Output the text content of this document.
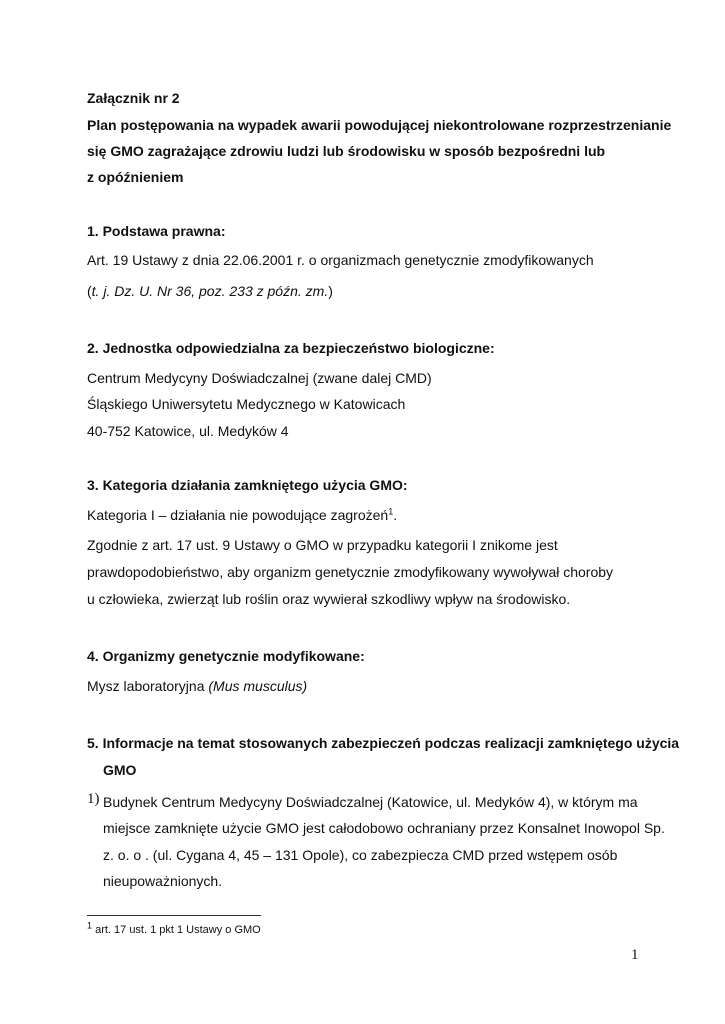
Załącznik nr 2
Plan postępowania na wypadek awarii powodującej niekontrolowane rozprzestrzenianie
się GMO zagrażające zdrowiu ludzi lub środowisku w sposób bezpośredni lub
z opóźnieniem
1. Podstawa prawna:
Art. 19 Ustawy z dnia 22.06.2001 r. o organizmach genetycznie zmodyfikowanych
(t. j. Dz. U. Nr 36, poz. 233 z późn. zm.)
2. Jednostka odpowiedzialna za bezpieczeństwo biologiczne:
Centrum Medycyny Doświadczalnej (zwane dalej CMD)
Śląskiego Uniwersytetu Medycznego w Katowicach
40-752 Katowice, ul. Medyków 4
3. Kategoria działania zamkniętego użycia GMO:
Kategoria I – działania nie powodujące zagrożeń$^1$.
Zgodnie z art. 17 ust. 9 Ustawy o GMO w przypadku kategorii I znikome jest
prawdopodobieństwo, aby organizm genetycznie zmodyfikowany wywoływał choroby
u człowieka, zwierząt lub roślin oraz wywierał szkodliwy wpływ na środowisko.
4. Organizmy genetycznie modyfikowane:
Mysz laboratoryjna (Mus musculus)
5. Informacje na temat stosowanych zabezpieczeń podczas realizacji zamkniętego użycia
GMO
1) Budynek Centrum Medycyny Doświadczalnej (Katowice, ul. Medyków 4), w którym ma
miejsce zamknięte użycie GMO jest całodobowo ochraniany przez Konsalnet Inowopol Sp.
z. o. o . (ul. Cygana 4, 45 – 131 Opole), co zabezpiecza CMD przed wstępem osób
nieupoważnionych.
$^1$ art. 17 ust. 1 pkt 1 Ustawy o GMO
1
